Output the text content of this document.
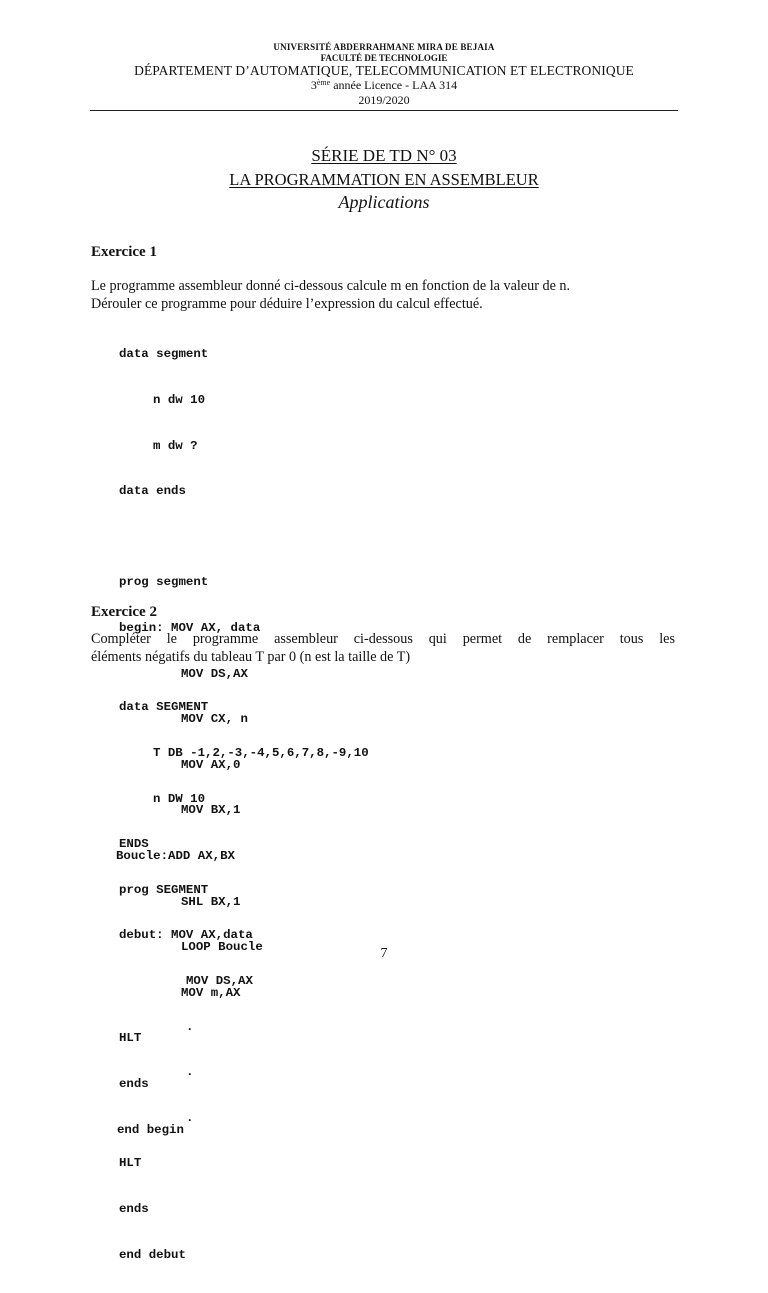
UNIVERSITÉ ABDERRAHMANE MIRA DE BEJAIA
FACULTÉ DE TECHNOLOGIE
DÉPARTEMENT D’AUTOMATIQUE, TELECOMMUNICATION ET ELECTRONIQUE
3ème année Licence - LAA 314
2019/2020
SÉRIE DE TD N° 03
LA PROGRAMMATION EN ASSEMBLEUR
Applications
Exercice 1
Le programme assembleur donné ci-dessous calcule m en fonction de la valeur de n.
Dérouler ce programme pour déduire l’expression du calcul effectué.

data segment

n dw 10

m dw ?

data ends

prog segment

begin: MOV AX, data

MOV DS,AX

MOV CX, n

MOV AX,0

MOV BX,1

Boucle:ADD AX,BX

SHL BX,1

LOOP Boucle

MOV m,AX

HLT

ends

end begin

Exercice 2
Compléter le programme assembleur ci-dessous qui permet de remplacer tous les
éléments négatifs du tableau T par 0 (n est la taille de T)

data SEGMENT

T DB -1,2,-3,-4,5,6,7,8,-9,10

n DW 10

ENDS

prog SEGMENT

debut: MOV AX,data

MOV DS,AX

.

.

.

HLT

ends

end debut

7
